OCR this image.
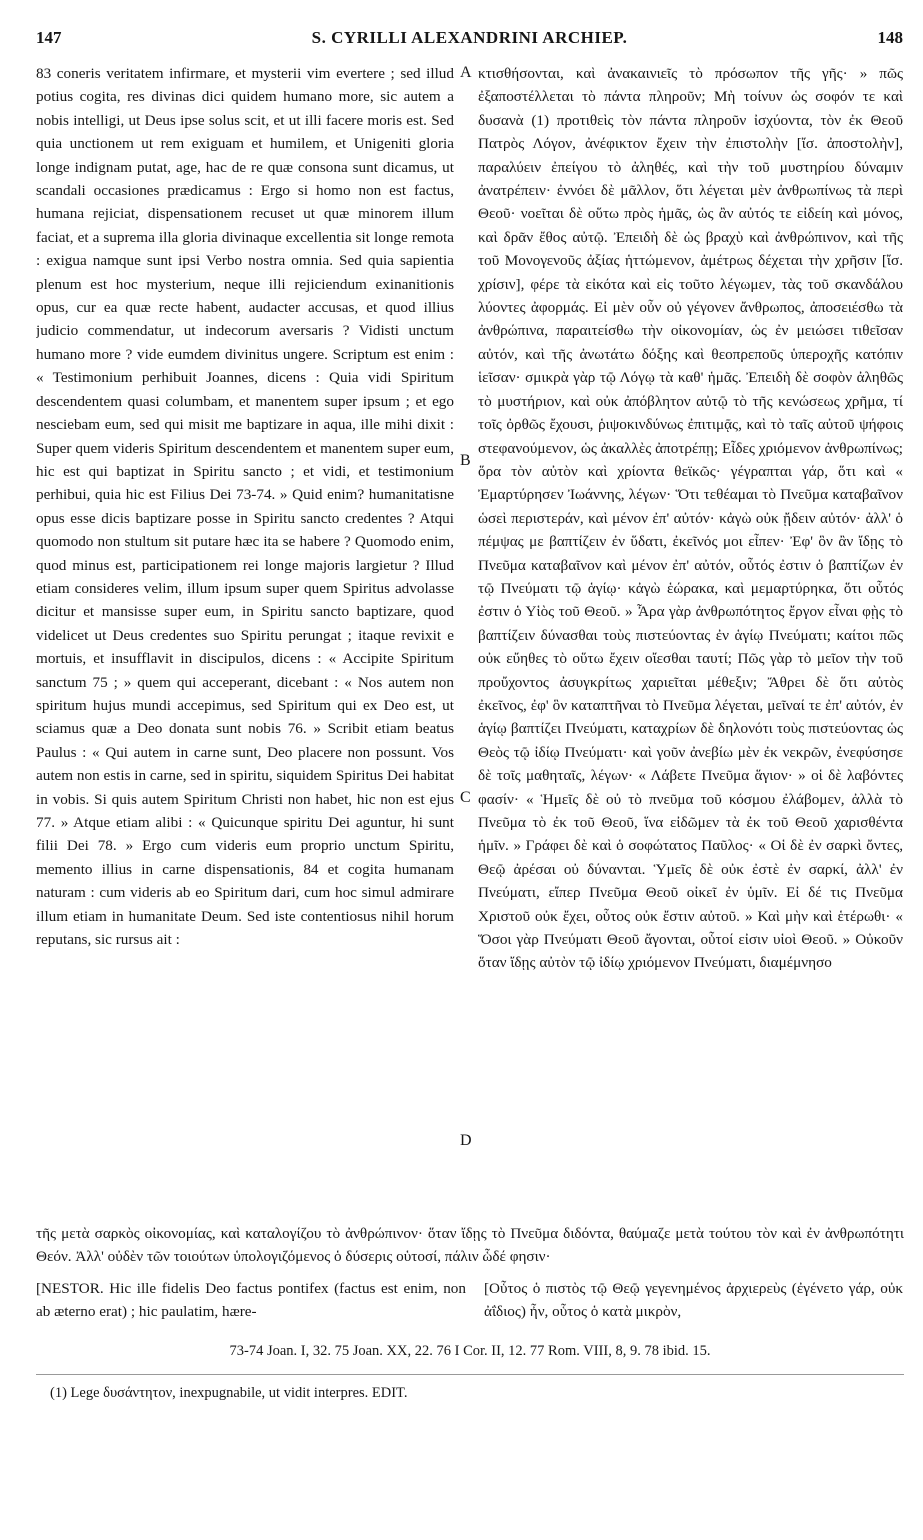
147	S. CYRILLI ALEXANDRINI ARCHIEP.	148
83 coneris veritatem infirmare, et mysterii vim evertere ; sed illud potius cogita, res divinas dici quidem humano more, sic autem a nobis intelligi, ut Deus ipse solus scit, et ut illi facere moris est. Sed quia unctionem ut rem exiguam et humilem, et Unigeniti gloria longe indignam putat, age, hac de re quæ consona sunt dicamus, ut scandali occasiones prædicamus : Ergo si homo non est factus, humana rejiciat, dispensationem recuset ut quæ minorem illum faciat, et a suprema illa gloria divinaque excellentia sit longe remota : exigua namque sunt ipsi Verbo nostra omnia. Sed quia sapientia plenum est hoc mysterium, neque illi rejiciendum exinanitionis opus, cur ea quæ recte habent, audacter accusas, et quod illius judicio commendatur, ut indecorum aversaris ? Vidisti unctum humano more ? vide eumdem divinitus ungere. Scriptum est enim : « Testimonium perhibuit Joannes, dicens : Quia vidi Spiritum descendentem quasi columbam, et manentem super ipsum ; et ego nesciebam eum, sed qui misit me baptizare in aqua, ille mihi dixit : Super quem videris Spiritum descendentem et manentem super eum, hic est qui baptizat in Spiritu sancto ; et vidi, et testimonium perhibui, quia hic est Filius Dei 73-74. » Quid enim? humanitatisne opus esse dicis baptizare posse in Spiritu sancto credentes ? Atqui quomodo non stultum sit putare hæc ita se habere ? Quomodo enim, quod minus est, participationem rei longe majoris largietur ? Illud etiam consideres velim, illum ipsum super quem Spiritus advolasse dicitur et mansisse super eum, in Spiritu sancto baptizare, quod videlicet ut Deus credentes suo Spiritu perungat ; itaque revixit e mortuis, et insufflavit in discipulos, dicens : « Accipite Spiritum sanctum 75 ; » quem qui acceperant, dicebant : « Nos autem non spiritum hujus mundi accepimus, sed Spiritum qui ex Deo est, ut sciamus quæ a Deo donata sunt nobis 76. » Scribit etiam beatus Paulus : « Qui autem in carne sunt, Deo placere non possunt. Vos autem non estis in carne, sed in spiritu, siquidem Spiritus Dei habitat in vobis. Si quis autem Spiritum Christi non habet, hic non est ejus 77. » Atque etiam alibi : « Quicunque spiritu Dei aguntur, hi sunt filii Dei 78. » Ergo cum videris eum proprio unctum Spiritu, memento illius in carne dispensationis, 84 et cogita humanam naturam : cum videris ab eo Spiritum dari, cum hoc simul admirare illum etiam in humanitate Deum. Sed iste contentiosus nihil horum reputans, sic rursus ait :
A
B
C
D
κτισθήσονται, καὶ ἀνακαινιεῖς τὸ πρόσωπον τῆς γῆς· » πῶς ἐξαποστέλλεται τὸ πάντα πληροῦν; Μὴ τοίνυν ὡς σοφόν τε καὶ δυσανὰ (1) προτιθεὶς τὸν πάντα πληροῦν ἰσχύοντα, τὸν ἐκ Θεοῦ Πατρὸς Λόγον, ἀνέφικτον ἔχειν τὴν ἐπιστολὴν [ἴσ. ἀποστολὴν], παραλύειν ἐπείγου τὸ ἀληθές, καὶ τὴν τοῦ μυστηρίου δύναμιν ἀνατρέπειν· ἐννόει δὲ μᾶλλον, ὅτι λέγεται μὲν ἀνθρωπίνως τὰ περὶ Θεοῦ· νοεῖται δὲ οὕτω πρὸς ἡμᾶς, ὡς ἂν αὐτός τε εἰδείη καὶ μόνος, καὶ δρᾶν ἔθος αὐτῷ. Ἐπειδὴ δὲ ὡς βραχὺ καὶ ἀνθρώπινον, καὶ τῆς τοῦ Μονογενοῦς ἀξίας ἡττώμενον, ἀμέτρως δέχεται τὴν χρῆσιν [ἴσ. χρίσιν], φέρε τὰ εἰκότα καὶ εἰς τοῦτο λέγωμεν, τὰς τοῦ σκανδάλου λύοντες ἀφορμάς. Εἰ μὲν οὖν οὐ γέγονεν ἄνθρωπος, ἀποσειέσθω τὰ ἀνθρώπινα, παραιτείσθω τὴν οἰκονομίαν, ὡς ἐν μειώσει τιθεῖσαν αὐτόν, καὶ τῆς ἀνωτάτω δόξης καὶ θεοπρεποῦς ὑπεροχῆς κατόπιν ἱεῖσαν· σμικρὰ γὰρ τῷ Λόγῳ τὰ καθ' ἡμᾶς. Ἐπειδὴ δὲ σοφὸν ἀληθῶς τὸ μυστήριον, καὶ οὐκ ἀπόβλητον αὐτῷ τὸ τῆς κενώσεως χρῆμα, τί τοῖς ὀρθῶς ἔχουσι, ῥιψοκινδύνως ἐπιτιμᾷς, καὶ τὸ ταῖς αὐτοῦ ψήφοις στεφανούμενον, ὡς ἀκαλλὲς ἀποτρέπῃ; Εἶδες χριόμενον ἀνθρωπίνως; ὅρα τὸν αὐτὸν καὶ χρίοντα θεϊκῶς· γέγραπται γάρ, ὅτι καὶ « Ἐμαρτύρησεν Ἰωάννης, λέγων· Ὅτι τεθέαμαι τὸ Πνεῦμα καταβαῖνον ὡσεὶ περιστεράν, καὶ μένον ἐπ' αὐτόν· κἀγὼ οὐκ ᾔδειν αὐτόν· ἀλλ' ὁ πέμψας με βαπτίζειν ἐν ὕδατι, ἐκεῖνός μοι εἶπεν· Ἐφ' ὃν ἂν ἴδῃς τὸ Πνεῦμα καταβαῖνον καὶ μένον ἐπ' αὐτόν, οὗτός ἐστιν ὁ βαπτίζων ἐν τῷ Πνεύματι τῷ ἁγίῳ· κἀγὼ ἑώρακα, καὶ μεμαρτύρηκα, ὅτι οὗτός ἐστιν ὁ Υἱὸς τοῦ Θεοῦ. » Ἆρα γὰρ ἀνθρωπότητος ἔργον εἶναι φῂς τὸ βαπτίζειν δύνασθαι τοὺς πιστεύοντας ἐν ἁγίῳ Πνεύματι; καίτοι πῶς οὐκ εὔηθες τὸ οὕτω ἔχειν οἴεσθαι ταυτί; Πῶς γὰρ τὸ μεῖον τὴν τοῦ προὔχοντος ἀσυγκρίτως χαριεῖται μέθεξιν; Ἄθρει δὲ ὅτι αὐτὸς ἐκεῖνος, ἐφ' ὃν καταπτῆναι τὸ Πνεῦμα λέγεται, μεῖναί τε ἐπ' αὐτόν, ἐν ἁγίῳ βαπτίζει Πνεύματι, καταχρίων δὲ δηλονότι τοὺς πιστεύοντας ὡς Θεὸς τῷ ἰδίῳ Πνεύματι· καὶ γοῦν ἀνεβίω μὲν ἐκ νεκρῶν, ἐνεφύσησε δὲ τοῖς μαθηταῖς, λέγων· « Λάβετε Πνεῦμα ἅγιον· » οἱ δὲ λαβόντες φασίν· « Ἡμεῖς δὲ οὐ τὸ πνεῦμα τοῦ κόσμου ἐλάβομεν, ἀλλὰ τὸ Πνεῦμα τὸ ἐκ τοῦ Θεοῦ, ἵνα εἰδῶμεν τὰ ἐκ τοῦ Θεοῦ χαρισθέντα ἡμῖν. » Γράφει δὲ καὶ ὁ σοφώτατος Παῦλος· « Οἱ δὲ ἐν σαρκὶ ὄντες, Θεῷ ἀρέσαι οὐ δύνανται. Ὑμεῖς δὲ οὐκ ἐστὲ ἐν σαρκί, ἀλλ' ἐν Πνεύματι, εἴπερ Πνεῦμα Θεοῦ οἰκεῖ ἐν ὑμῖν. Εἰ δέ τις Πνεῦμα Χριστοῦ οὐκ ἔχει, οὗτος οὐκ ἔστιν αὐτοῦ. » Καὶ μὴν καὶ ἑτέρωθι· « Ὅσοι γὰρ Πνεύματι Θεοῦ ἄγονται, οὗτοί εἰσιν υἱοὶ Θεοῦ. » Οὐκοῦν ὅταν ἴδῃς αὐτὸν τῷ ἰδίῳ χριόμενον Πνεύματι, διαμέμνησο
τῆς μετὰ σαρκὸς οἰκονομίας, καὶ καταλογίζου τὸ ἀνθρώπινον· ὅταν ἴδῃς τὸ Πνεῦμα διδόντα, θαύμαζε μετὰ τούτου τὸν καὶ ἐν ἀνθρωπότητι Θεόν. Ἀλλ' οὐδὲν τῶν τοιούτων ὑπολογιζόμενος ὁ δύσερις οὑτοσί, πάλιν ὧδέ φησιν·
[NESTOR. Hic ille fidelis Deo factus pontifex (factus est enim, non ab æterno erat) ; hic paulatim, hære-
[Οὗτος ὁ πιστὸς τῷ Θεῷ γεγενημένος ἀρχιερεὺς (ἐγένετο γάρ, οὐκ ἀΐδιος) ἦν, οὗτος ὁ κατὰ μικρὸν,
73-74 Joan. I, 32. 75 Joan. XX, 22. 76 I Cor. II, 12. 77 Rom. VIII, 8, 9. 78 ibid. 15.
(1) Lege δυσάντητον, inexpugnabile, ut vidit interpres. EDIT.
